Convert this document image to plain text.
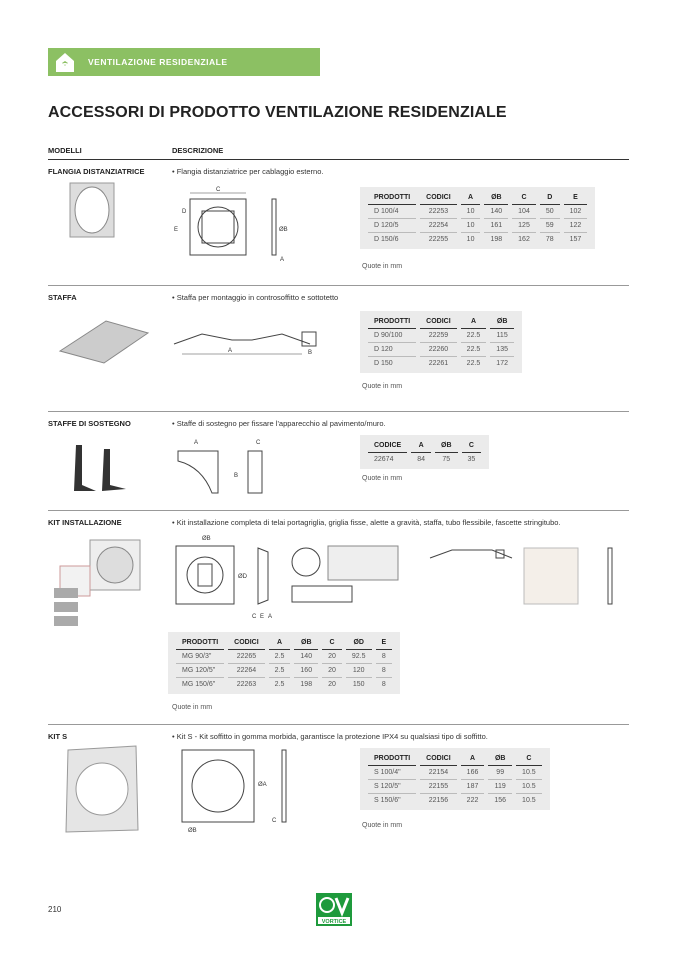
VENTILAZIONE RESIDENZIALE
ACCESSORI DI PRODOTTO VENTILAZIONE RESIDENZIALE
MODELLI	DESCRIZIONE
FLANGIA DISTANZIATRICE	• Flangia distanziatrice per cablaggio esterno.
C
D
E	ØB
A
PRODOTTI	CODICI	A	ØB	C	D	E
D 100/4	22253	10	140	104	50	102
D 120/5	22254	10	161	125	59	122
D 150/6	22255	10	198	162	78	157
Quote in mm
STAFFA	• Staffa per montaggio in controsoffitto e sottotetto
A	B
PRODOTTI	CODICI	A	ØB
D 90/100	22259	22.5	115
D 120	22260	22.5	135
D 150	22261	22.5	172
Quote in mm
STAFFE DI SOSTEGNO	• Staffe di sostegno per fissare l'apparecchio al pavimento/muro.
A	C
B
CODICE	A	ØB	C
22674	84	75	35
Quote in mm
KIT INSTALLAZIONE	• Kit installazione completa di telai portagriglia, griglia fisse, alette a gravità, staffa, tubo flessibile, fascette stringitubo.
ØB
ØD
C E A
PRODOTTI	CODICI	A	ØB	C	ØD	E
MG 90/3"	22265	2.5	140	20	92.5	8
MG 120/5"	22264	2.5	160	20	120	8
MG 150/6"	22263	2.5	198	20	150	8
Quote in mm
KIT S	• Kit S - Kit soffitto in gomma morbida, garantisce la protezione IPX4 su qualsiasi tipo di soffitto.
ØA
ØB
C
PRODOTTI	CODICI	A	ØB	C
S 100/4"	22154	166	99	10.5
S 120/5"	22155	187	119	10.5
S 150/6"	22156	222	156	10.5
Quote in mm
210
VORTICE
